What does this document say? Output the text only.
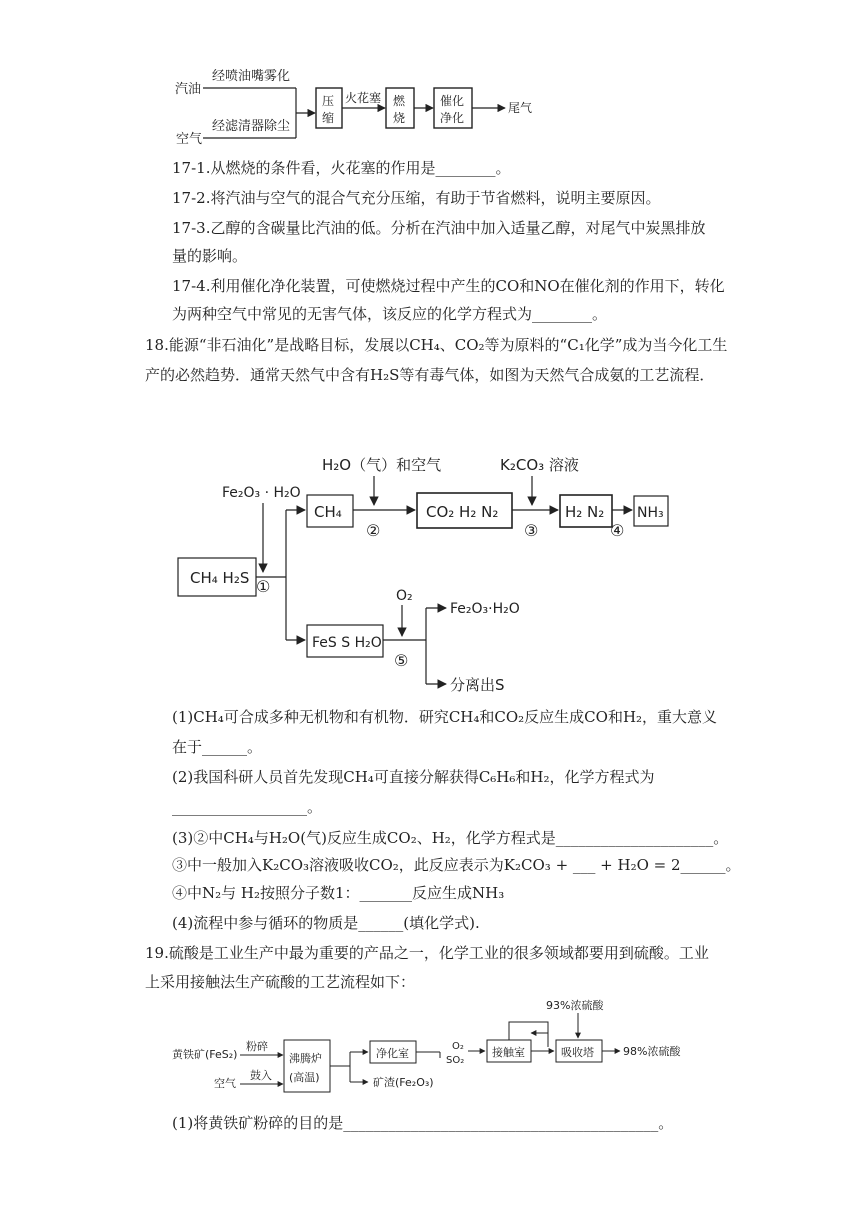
汽油
空气
经喷油嘴雾化
经滤清器除尘
压
缩
火花塞 燃
烧
催化
净化
尾气
17-1.从燃烧的条件看，火花塞的作用是________。
17-2.将汽油与空气的混合气充分压缩，有助于节省燃料，说明主要原因。
17-3.乙醇的含碳量比汽油的低。分析在汽油中加入适量乙醇，对尾气中炭黑排放
量的影响。
17-4.利用催化净化装置，可使燃烧过程中产生的CO和NO在催化剂的作用下，转化
为两种空气中常见的无害气体，该反应的化学方程式为________。
18.能源“非石油化”是战略目标，发展以CH₄、CO₂等为原料的“C₁化学”成为当今化工生
产的必然趋势．通常天然气中含有H₂S等有毒气体，如图为天然气合成氨的工艺流程．
CH₄ H₂S
Fe₂O₃ · H₂O
①
CH₄
H₂O（气）和空气
②
CO₂ H₂ N₂
K₂CO₃ 溶液
③
H₂ N₂
④
NH₃
FeS S H₂O
O₂
⑤
Fe₂O₃·H₂O
分离出S
(1)CH₄可合成多种无机物和有机物．研究CH₄和CO₂反应生成CO和H₂，重大意义
在于______。
(2)我国科研人员首先发现CH₄可直接分解获得C₆H₆和H₂，化学方程式为
__________________。
(3)②中CH₄与H₂O(气)反应生成CO₂、H₂，化学方程式是_____________________。
③中一般加入K₂CO₃溶液吸收CO₂，此反应表示为K₂CO₃ + ___ + H₂O = 2______。
④中N₂与 H₂按照分子数1：_______反应生成NH₃
(4)流程中参与循环的物质是______(填化学式).
19.硫酸是工业生产中最为重要的产品之一，化学工业的很多领域都要用到硫酸。工业
上采用接触法生产硫酸的工艺流程如下：
黄铁矿(FeS₂)
粉碎
空气
鼓入
沸腾炉
(高温)
净化室
矿渣(Fe₂O₃)
O₂
SO₂
接触室
93%浓硫酸
吸收塔	98%浓硫酸
(1)将黄铁矿粉碎的目的是__________________________________________。
